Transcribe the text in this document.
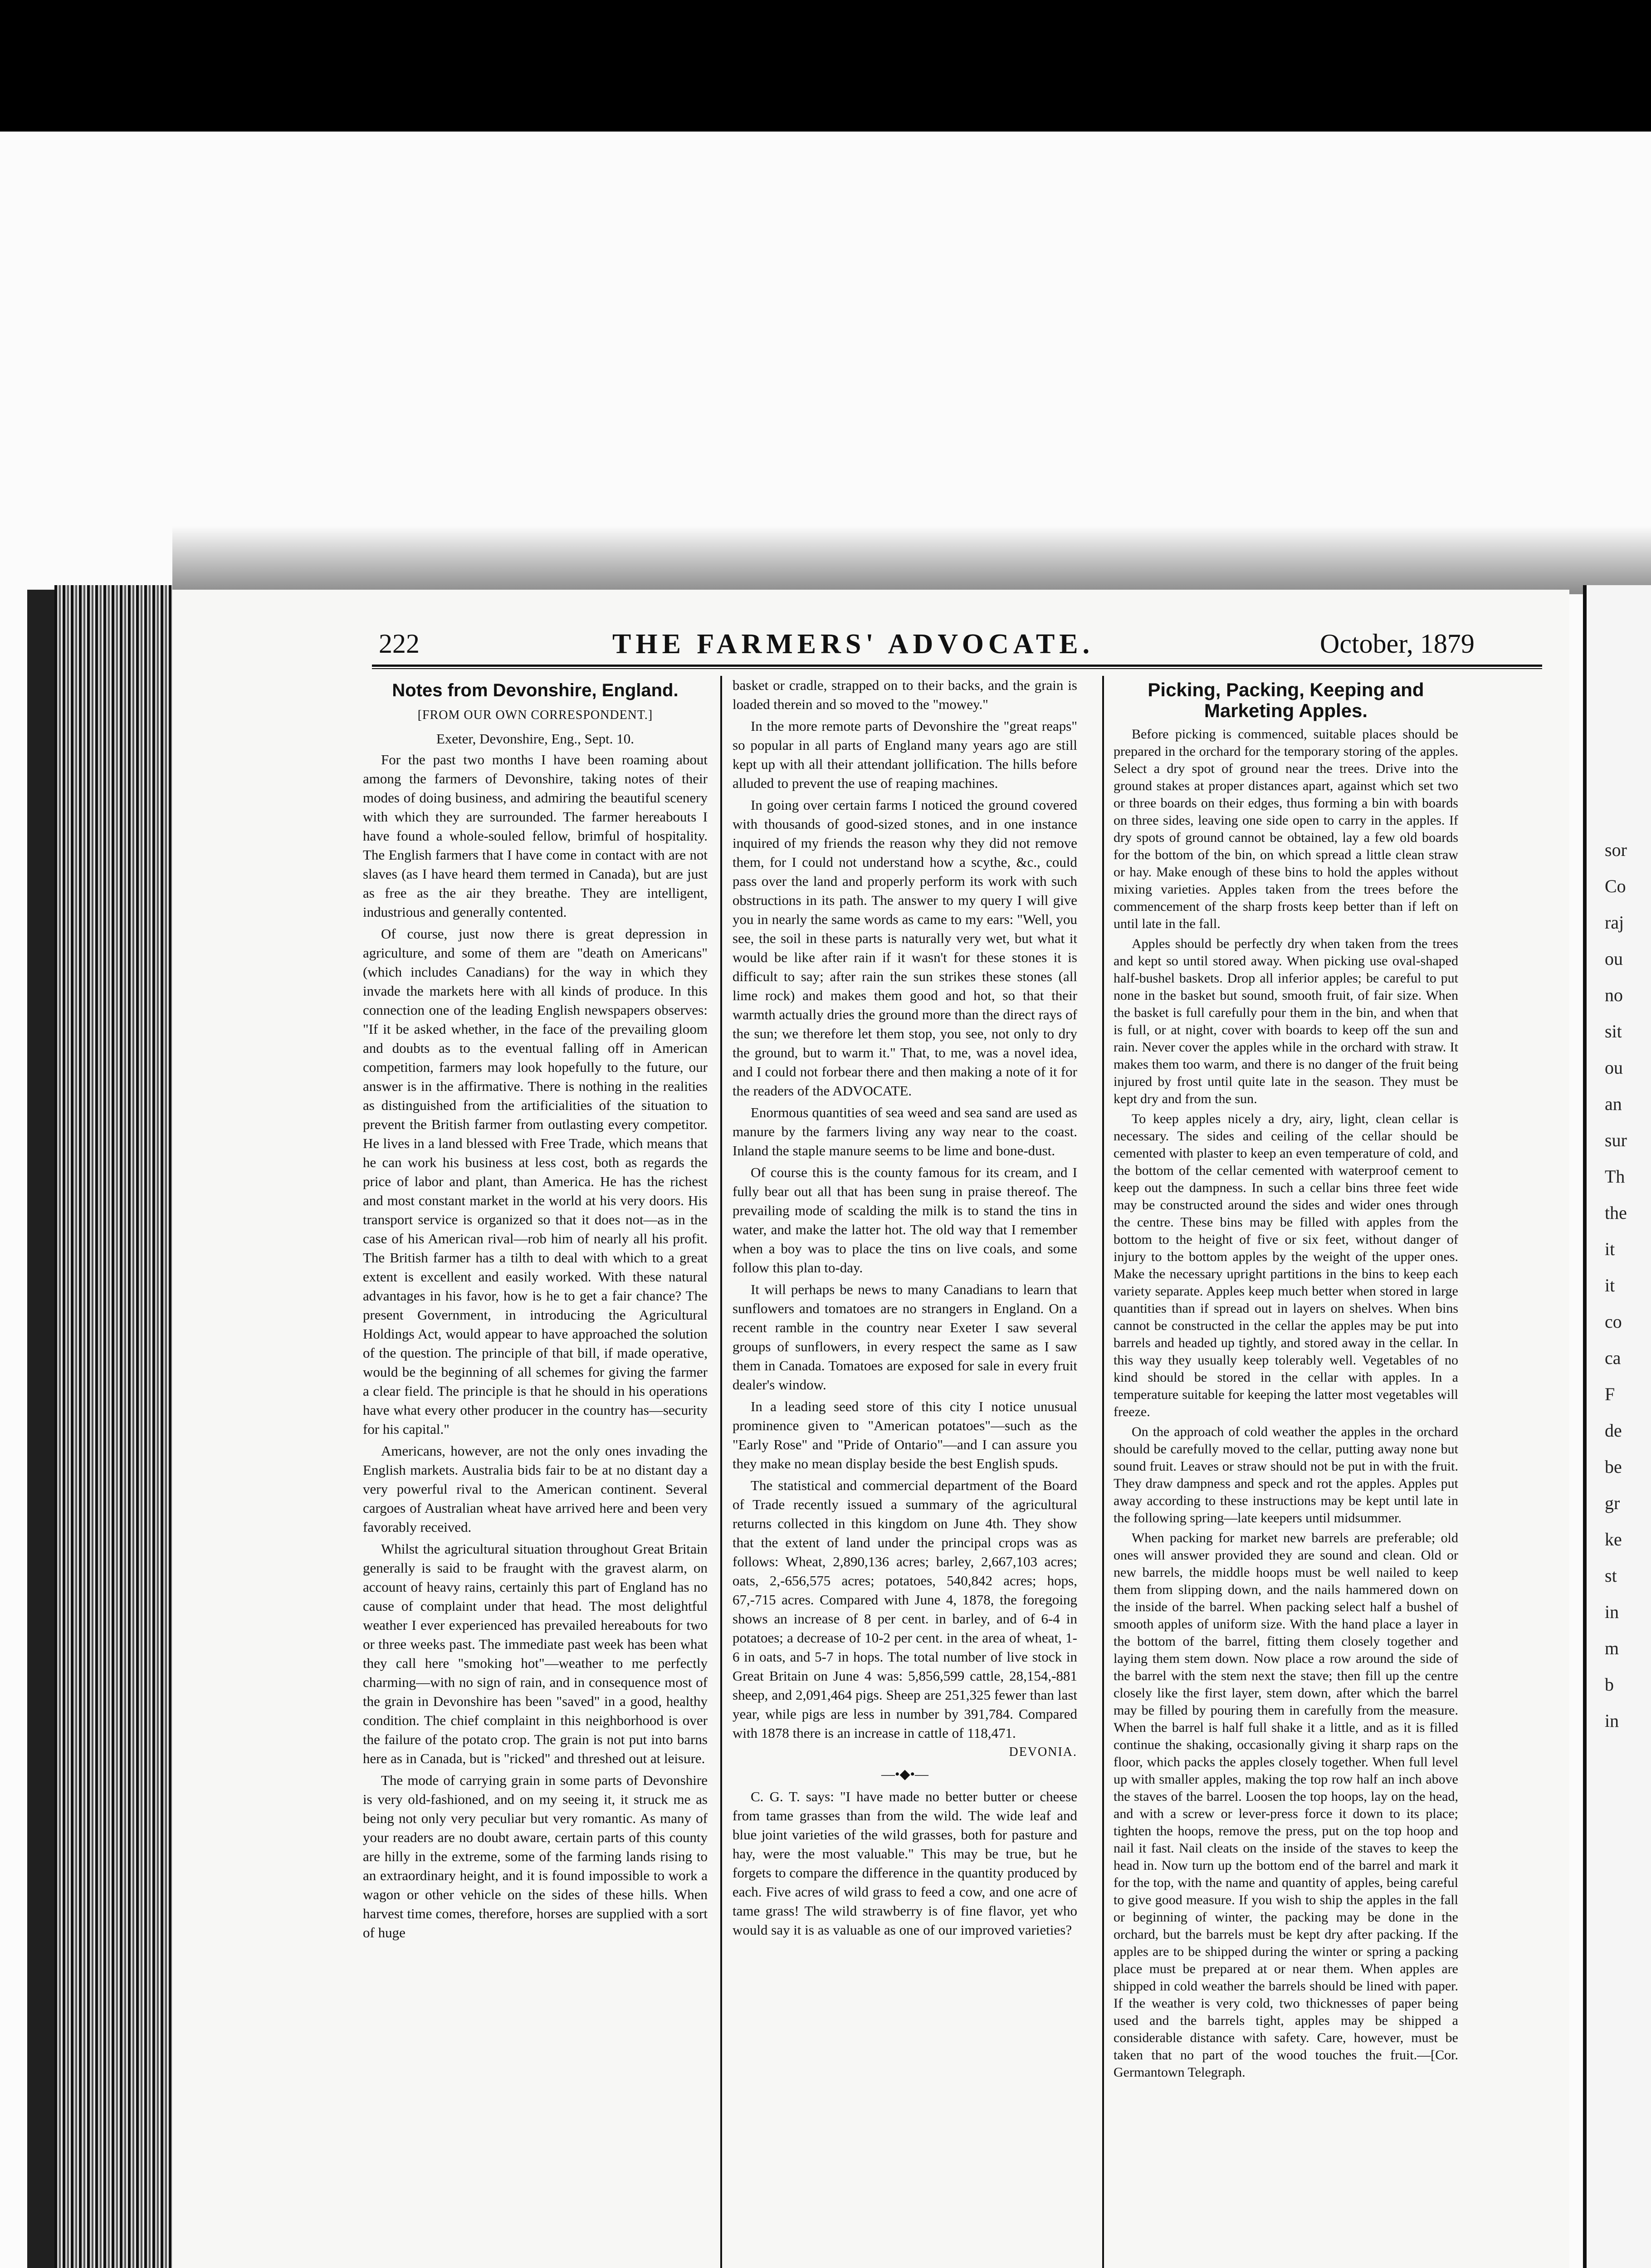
sor
Co
raj
ou
no
sit
ou
an
sur
Th
the
it
it
co
ca
F
de
be
gr
ke
st
in
m
b
in
222	THE FARMERS' ADVOCATE.	October, 1879
Notes from Devonshire, England.
[FROM OUR OWN CORRESPONDENT.]
Exeter, Devonshire, Eng., Sept. 10.

For the past two months I have been roaming about among the farmers of Devonshire, taking notes of their modes of doing business, and admiring the beautiful scenery with which they are surrounded. The farmer hereabouts I have found a whole-souled fellow, brimful of hospitality. The English farmers that I have come in contact with are not slaves (as I have heard them termed in Canada), but are just as free as the air they breathe. They are intelligent, industrious and generally contented.

Of course, just now there is great depression in agriculture, and some of them are "death on Americans" (which includes Canadians) for the way in which they invade the markets here with all kinds of produce. In this connection one of the leading English newspapers observes: "If it be asked whether, in the face of the prevailing gloom and doubts as to the eventual falling off in American competition, farmers may look hopefully to the future, our answer is in the affirmative. There is nothing in the realities as distinguished from the artificialities of the situation to prevent the British farmer from outlasting every competitor. He lives in a land blessed with Free Trade, which means that he can work his business at less cost, both as regards the price of labor and plant, than America. He has the richest and most constant market in the world at his very doors. His transport service is organized so that it does not—as in the case of his American rival—rob him of nearly all his profit. The British farmer has a tilth to deal with which to a great extent is excellent and easily worked. With these natural advantages in his favor, how is he to get a fair chance? The present Government, in introducing the Agricultural Holdings Act, would appear to have approached the solution of the question. The principle of that bill, if made operative, would be the beginning of all schemes for giving the farmer a clear field. The principle is that he should in his operations have what every other producer in the country has—security for his capital."

Americans, however, are not the only ones invading the English markets. Australia bids fair to be at no distant day a very powerful rival to the American continent. Several cargoes of Australian wheat have arrived here and been very favorably received.

Whilst the agricultural situation throughout Great Britain generally is said to be fraught with the gravest alarm, on account of heavy rains, certainly this part of England has no cause of complaint under that head. The most delightful weather I ever experienced has prevailed hereabouts for two or three weeks past. The immediate past week has been what they call here "smoking hot"—weather to me perfectly charming—with no sign of rain, and in consequence most of the grain in Devonshire has been "saved" in a good, healthy condition. The chief complaint in this neighborhood is over the failure of the potato crop. The grain is not put into barns here as in Canada, but is "ricked" and threshed out at leisure.

The mode of carrying grain in some parts of Devonshire is very old-fashioned, and on my seeing it, it struck me as being not only very peculiar but very romantic. As many of your readers are no doubt aware, certain parts of this county are hilly in the extreme, some of the farming lands rising to an extraordinary height, and it is found impossible to work a wagon or other vehicle on the sides of these hills. When harvest time comes, therefore, horses are supplied with a sort of huge

basket or cradle, strapped on to their backs, and the grain is loaded therein and so moved to the "mowey."

In the more remote parts of Devonshire the "great reaps" so popular in all parts of England many years ago are still kept up with all their attendant jollification. The hills before alluded to prevent the use of reaping machines.

In going over certain farms I noticed the ground covered with thousands of good-sized stones, and in one instance inquired of my friends the reason why they did not remove them, for I could not understand how a scythe, &c., could pass over the land and properly perform its work with such obstructions in its path. The answer to my query I will give you in nearly the same words as came to my ears: "Well, you see, the soil in these parts is naturally very wet, but what it would be like after rain if it wasn't for these stones it is difficult to say; after rain the sun strikes these stones (all lime rock) and makes them good and hot, so that their warmth actually dries the ground more than the direct rays of the sun; we therefore let them stop, you see, not only to dry the ground, but to warm it." That, to me, was a novel idea, and I could not forbear there and then making a note of it for the readers of the ADVOCATE.

Enormous quantities of sea weed and sea sand are used as manure by the farmers living any way near to the coast. Inland the staple manure seems to be lime and bone-dust.

Of course this is the county famous for its cream, and I fully bear out all that has been sung in praise thereof. The prevailing mode of scalding the milk is to stand the tins in water, and make the latter hot. The old way that I remember when a boy was to place the tins on live coals, and some follow this plan to-day.

It will perhaps be news to many Canadians to learn that sunflowers and tomatoes are no strangers in England. On a recent ramble in the country near Exeter I saw several groups of sunflowers, in every respect the same as I saw them in Canada. Tomatoes are exposed for sale in every fruit dealer's window.

In a leading seed store of this city I notice unusual prominence given to "American potatoes"—such as the "Early Rose" and "Pride of Ontario"—and I can assure you they make no mean display beside the best English spuds.

The statistical and commercial department of the Board of Trade recently issued a summary of the agricultural returns collected in this kingdom on June 4th. They show that the extent of land under the principal crops was as follows: Wheat, 2,890,136 acres; barley, 2,667,103 acres; oats, 2,-656,575 acres; potatoes, 540,842 acres; hops, 67,-715 acres. Compared with June 4, 1878, the foregoing shows an increase of 8 per cent. in barley, and of 6-4 in potatoes; a decrease of 10-2 per cent. in the area of wheat, 1-6 in oats, and 5-7 in hops. The total number of live stock in Great Britain on June 4 was: 5,856,599 cattle, 28,154,-881 sheep, and 2,091,464 pigs. Sheep are 251,325 fewer than last year, while pigs are less in number by 391,784. Compared with 1878 there is an increase in cattle of 118,471.

DEVONIA.
—•◆•—

C. G. T. says: "I have made no better butter or cheese from tame grasses than from the wild. The wide leaf and blue joint varieties of the wild grasses, both for pasture and hay, were the most valuable." This may be true, but he forgets to compare the difference in the quantity produced by each. Five acres of wild grass to feed a cow, and one acre of tame grass! The wild strawberry is of fine flavor, yet who would say it is as valuable as one of our improved varieties?

Picking, Packing, Keeping and Marketing Apples.

Before picking is commenced, suitable places should be prepared in the orchard for the temporary storing of the apples. Select a dry spot of ground near the trees. Drive into the ground stakes at proper distances apart, against which set two or three boards on their edges, thus forming a bin with boards on three sides, leaving one side open to carry in the apples. If dry spots of ground cannot be obtained, lay a few old boards for the bottom of the bin, on which spread a little clean straw or hay. Make enough of these bins to hold the apples without mixing varieties. Apples taken from the trees before the commencement of the sharp frosts keep better than if left on until late in the fall.

Apples should be perfectly dry when taken from the trees and kept so until stored away. When picking use oval-shaped half-bushel baskets. Drop all inferior apples; be careful to put none in the basket but sound, smooth fruit, of fair size. When the basket is full carefully pour them in the bin, and when that is full, or at night, cover with boards to keep off the sun and rain. Never cover the apples while in the orchard with straw. It makes them too warm, and there is no danger of the fruit being injured by frost until quite late in the season. They must be kept dry and from the sun.

To keep apples nicely a dry, airy, light, clean cellar is necessary. The sides and ceiling of the cellar should be cemented with plaster to keep an even temperature of cold, and the bottom of the cellar cemented with waterproof cement to keep out the dampness. In such a cellar bins three feet wide may be constructed around the sides and wider ones through the centre. These bins may be filled with apples from the bottom to the height of five or six feet, without danger of injury to the bottom apples by the weight of the upper ones. Make the necessary upright partitions in the bins to keep each variety separate. Apples keep much better when stored in large quantities than if spread out in layers on shelves. When bins cannot be constructed in the cellar the apples may be put into barrels and headed up tightly, and stored away in the cellar. In this way they usually keep tolerably well. Vegetables of no kind should be stored in the cellar with apples. In a temperature suitable for keeping the latter most vegetables will freeze.

On the approach of cold weather the apples in the orchard should be carefully moved to the cellar, putting away none but sound fruit. Leaves or straw should not be put in with the fruit. They draw dampness and speck and rot the apples. Apples put away according to these instructions may be kept until late in the following spring—late keepers until midsummer.

When packing for market new barrels are preferable; old ones will answer provided they are sound and clean. Old or new barrels, the middle hoops must be well nailed to keep them from slipping down, and the nails hammered down on the inside of the barrel. When packing select half a bushel of smooth apples of uniform size. With the hand place a layer in the bottom of the barrel, fitting them closely together and laying them stem down. Now place a row around the side of the barrel with the stem next the stave; then fill up the centre closely like the first layer, stem down, after which the barrel may be filled by pouring them in carefully from the measure. When the barrel is half full shake it a little, and as it is filled continue the shaking, occasionally giving it sharp raps on the floor, which packs the apples closely together. When full level up with smaller apples, making the top row half an inch above the staves of the barrel. Loosen the top hoops, lay on the head, and with a screw or lever-press force it down to its place; tighten the hoops, remove the press, put on the top hoop and nail it fast. Nail cleats on the inside of the staves to keep the head in. Now turn up the bottom end of the barrel and mark it for the top, with the name and quantity of apples, being careful to give good measure. If you wish to ship the apples in the fall or beginning of winter, the packing may be done in the orchard, but the barrels must be kept dry after packing. If the apples are to be shipped during the winter or spring a packing place must be prepared at or near them. When apples are shipped in cold weather the barrels should be lined with paper. If the weather is very cold, two thicknesses of paper being used and the barrels tight, apples may be shipped a considerable distance with safety. Care, however, must be taken that no part of the wood touches the fruit.—[Cor. Germantown Telegraph.
